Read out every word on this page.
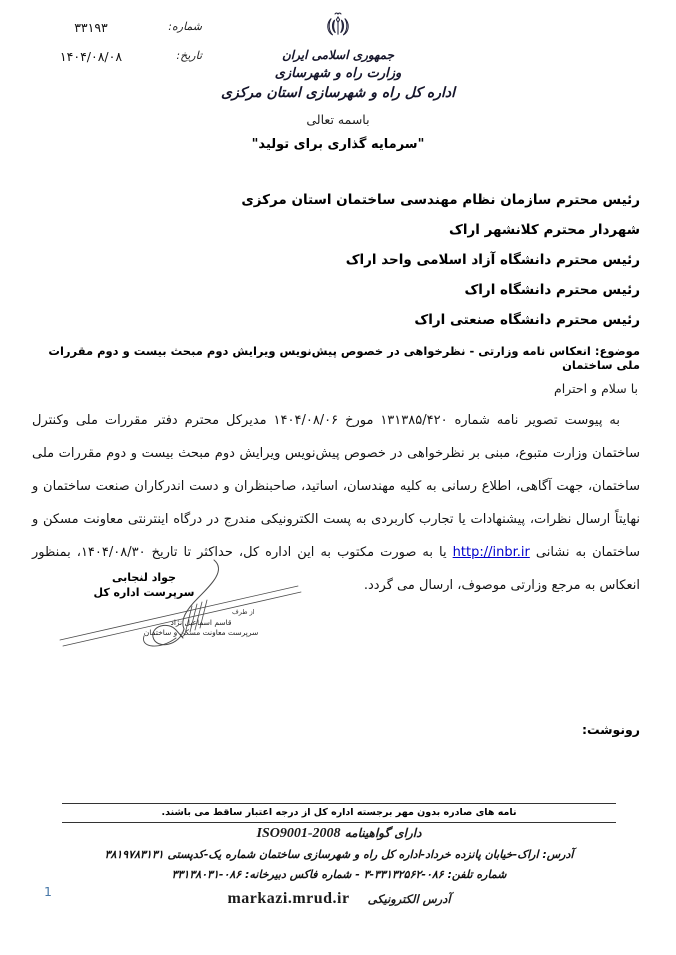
شماره:
۳۳۱۹۳
تاریخ:
۱۴۰۴/۰۸/۰۸	جمهوری اسلامی ایران
وزارت راه و شهرسازی
اداره کل راه و شهرسازی استان مرکزی
باسمه تعالی
"سرمایه گذاری برای تولید"
رئیس محترم سازمان نظام مهندسی ساختمان استان مرکزی
شهردار محترم کلانشهر اراک
رئیس محترم دانشگاه آزاد اسلامی واحد اراک
رئیس محترم دانشگاه اراک
رئیس محترم دانشگاه صنعتی اراک
موضوع: انعکاس نامه وزارتی - نظرخواهی در خصوص پیش‌نویس ویرایش دوم مبحث بیست و دوم مقررات ملی ساختمان
با سلام و احترام
به پیوست تصویر نامه شماره ۱۳۱۳۸۵/۴۲۰ مورخ ۱۴۰۴/۰۸/۰۶ مدیرکل محترم دفتر مقررات ملی وکنترل ساختمان وزارت متبوع، مبنی بر نظرخواهی در خصوص پیش‌نویس ویرایش دوم مبحث بیست و دوم مقررات ملی ساختمان، جهت آگاهی، اطلاع رسانی به کلیه مهندسان، اساتید، صاحبنظران و دست اندرکاران صنعت ساختمان و نهایتاً ارسال نظرات، پیشنهادات یا تجارب کاربردی به پست الکترونیکی مندرج در درگاه اینترنتی معاونت مسکن و ساختمان به نشانی http://inbr.ir یا به صورت مکتوب به این اداره کل، حداکثر تا تاریخ ۱۴۰۴/۰۸/۳۰، بمنظور انعکاس به مرجع وزارتی موصوف، ارسال می گردد.
جواد لنجابی
سرپرست اداره کل
از طرف
قاسم اسماعیل نژاد
سرپرست معاونت مسکن و ساختمان
رونوشت:
نامه های صادره بدون مهر برجسته اداره کل از درجه اعتبار ساقط می باشند.
دارای گواهینامه ISO9001-2008
آدرس: اراک-خیابان پانزده خرداد-اداره کل راه و شهرسازی ساختمان شماره یک-کدپستی ۳۸۱۹۷۸۳۱۳۱
شماره تلفن: ۰۸۶-۳۳۱۳۲۵۶۲-۳ - شماره فاکس دبیرخانه: ۰۸۶-۳۳۱۳۸۰۳۱
آدرس الکترونیکی markazi.mrud.ir
1
